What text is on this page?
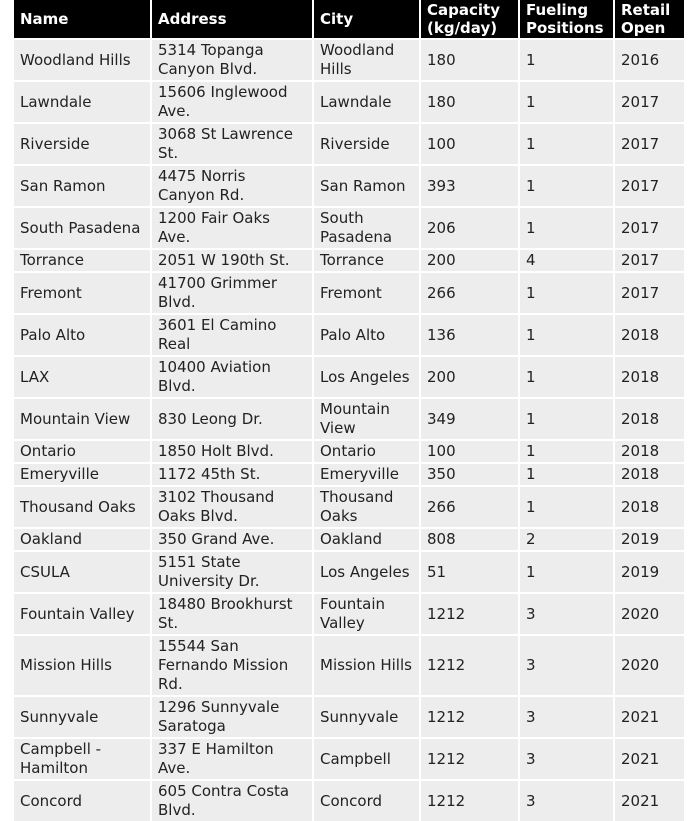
Name	Address	City	Capacity (kg/day)	Fueling Positions	Retail Open
Woodland Hills	5314 Topanga Canyon Blvd.	Woodland Hills	180	1	2016
Lawndale	15606 Inglewood Ave.	Lawndale	180	1	2017
Riverside	3068 St Lawrence St.	Riverside	100	1	2017
San Ramon	4475 Norris Canyon Rd.	San Ramon	393	1	2017
South Pasadena	1200 Fair Oaks Ave.	South Pasadena	206	1	2017
Torrance	2051 W 190th St.	Torrance	200	4	2017
Fremont	41700 Grimmer Blvd.	Fremont	266	1	2017
Palo Alto	3601 El Camino Real	Palo Alto	136	1	2018
LAX	10400 Aviation Blvd.	Los Angeles	200	1	2018
Mountain View	830 Leong Dr.	Mountain View	349	1	2018
Ontario	1850 Holt Blvd.	Ontario	100	1	2018
Emeryville	1172 45th St.	Emeryville	350	1	2018
Thousand Oaks	3102 Thousand Oaks Blvd.	Thousand Oaks	266	1	2018
Oakland	350 Grand Ave.	Oakland	808	2	2019
CSULA	5151 State University Dr.	Los Angeles	51	1	2019
Fountain Valley	18480 Brookhurst St.	Fountain Valley	1212	3	2020
Mission Hills	15544 San Fernando Mission Rd.	Mission Hills	1212	3	2020
Sunnyvale	1296 Sunnyvale Saratoga	Sunnyvale	1212	3	2021
Campbell - Hamilton	337 E Hamilton Ave.	Campbell	1212	3	2021
Concord	605 Contra Costa Blvd.	Concord	1212	3	2021
